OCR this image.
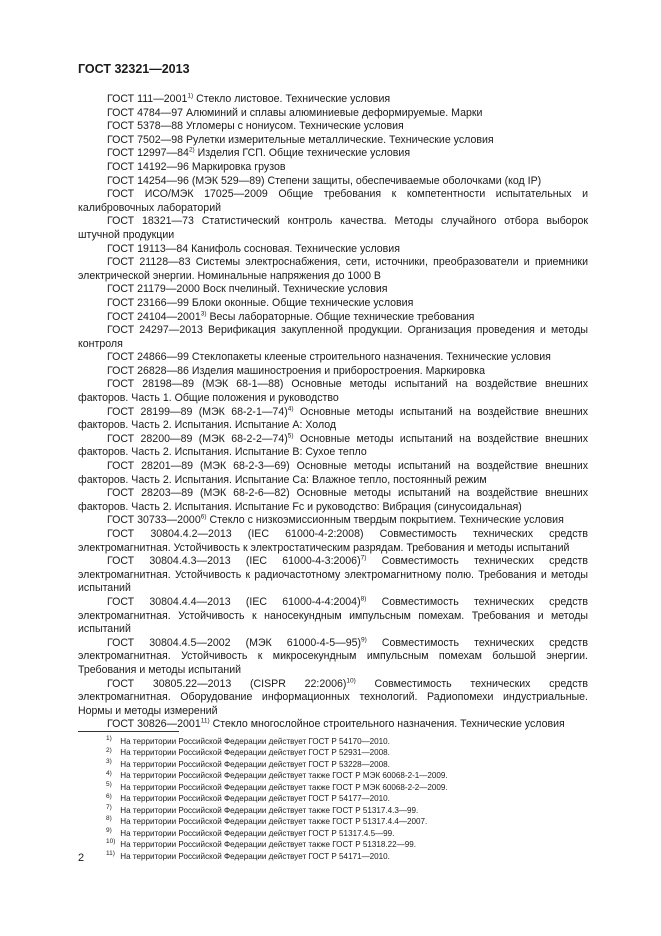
ГОСТ 32321—2013

ГОСТ 111—2001$^{1)}$ Стекло листовое. Технические условия

ГОСТ 4784—97 Алюминий и сплавы алюминиевые деформируемые. Марки

ГОСТ 5378—88 Угломеры с нониусом. Технические условия

ГОСТ 7502—98 Рулетки измерительные металлические. Технические условия

ГОСТ 12997—84$^{2)}$ Изделия ГСП. Общие технические условия

ГОСТ 14192—96 Маркировка грузов

ГОСТ 14254—96 (МЭК 529—89) Степени защиты, обеспечиваемые оболочками (код IP)

ГОСТ ИСО/МЭК 17025—2009 Общие требования к компетентности испытательных и калибровочных лабораторий

ГОСТ 18321—73 Статистический контроль качества. Методы случайного отбора выборок штучной продукции

ГОСТ 19113—84 Канифоль сосновая. Технические условия

ГОСТ 21128—83 Системы электроснабжения, сети, источники, преобразователи и приемники электрической энергии. Номинальные напряжения до 1000 В

ГОСТ 21179—2000 Воск пчелиный. Технические условия

ГОСТ 23166—99 Блоки оконные. Общие технические условия

ГОСТ 24104—2001$^{3)}$ Весы лабораторные. Общие технические требования

ГОСТ 24297—2013 Верификация закупленной продукции. Организация проведения и методы контроля

ГОСТ 24866—99 Стеклопакеты клееные строительного назначения. Технические условия

ГОСТ 26828—86 Изделия машиностроения и приборостроения. Маркировка

ГОСТ 28198—89 (МЭК 68-1—88) Основные методы испытаний на воздействие внешних факторов. Часть 1. Общие положения и руководство

ГОСТ 28199—89 (МЭК 68-2-1—74)$^{4)}$ Основные методы испытаний на воздействие внешних факторов. Часть 2. Испытания. Испытание А: Холод

ГОСТ 28200—89 (МЭК 68-2-2—74)$^{5)}$ Основные методы испытаний на воздействие внешних факторов. Часть 2. Испытания. Испытание В: Сухое тепло

ГОСТ 28201—89 (МЭК 68-2-3—69) Основные методы испытаний на воздействие внешних факторов. Часть 2. Испытания. Испытание Са: Влажное тепло, постоянный режим

ГОСТ 28203—89 (МЭК 68-2-6—82) Основные методы испытаний на воздействие внешних факторов. Часть 2. Испытания. Испытание Fc и руководство: Вибрация (синусоидальная)

ГОСТ 30733—2000$^{6)}$ Стекло с низкоэмиссионным твердым покрытием. Технические условия

ГОСТ 30804.4.2—2013 (IEC 61000-4-2:2008) Совместимость технических средств электромагнитная. Устойчивость к электростатическим разрядам. Требования и методы испытаний

ГОСТ 30804.4.3—2013 (IEC 61000-4-3:2006)$^{7)}$ Совместимость технических средств электромагнитная. Устойчивость к радиочастотному электромагнитному полю. Требования и методы испытаний

ГОСТ 30804.4.4—2013 (IEC 61000-4-4:2004)$^{8)}$ Совместимость технических средств электромагнитная. Устойчивость к наносекундным импульсным помехам. Требования и методы испытаний

ГОСТ 30804.4.5—2002 (МЭК 61000-4-5—95)$^{9)}$ Совместимость технических средств электромагнитная. Устойчивость к микросекундным импульсным помехам большой энергии. Требования и методы испытаний

ГОСТ 30805.22—2013 (CISPR 22:2006)$^{10)}$ Совместимость технических средств электромагнитная. Оборудование информационных технологий. Радиопомехи индустриальные. Нормы и методы измерений

ГОСТ 30826—2001$^{11)}$ Стекло многослойное строительного назначения. Технические условия

$^{1)}$ На территории Российской Федерации действует ГОСТ Р 54170—2010.

$^{2)}$ На территории Российской Федерации действует ГОСТ Р 52931—2008.

$^{3)}$ На территории Российской Федерации действует ГОСТ Р 53228—2008.

$^{4)}$ На территории Российской Федерации действует также ГОСТ Р МЭК 60068-2-1—2009.

$^{5)}$ На территории Российской Федерации действует также ГОСТ Р МЭК 60068-2-2—2009.

$^{6)}$ На территории Российской Федерации действует ГОСТ Р 54177—2010.

$^{7)}$ На территории Российской Федерации действует также ГОСТ Р 51317.4.3—99.

$^{8)}$ На территории Российской Федерации действует также ГОСТ Р 51317.4.4—2007.

$^{9)}$ На территории Российской Федерации действует ГОСТ Р 51317.4.5—99.

$^{10)}$ На территории Российской Федерации действует также ГОСТ Р 51318.22—99.

$^{11)}$ На территории Российской Федерации действует ГОСТ Р 54171—2010.

2
